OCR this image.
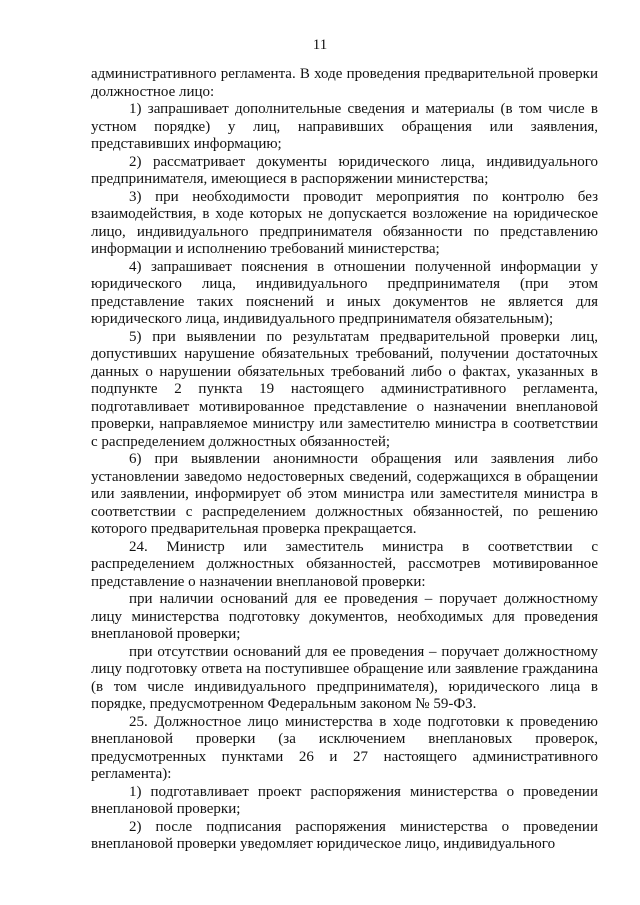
11

административного регламента. В ходе проведения предварительной проверки должностное лицо:

1) запрашивает дополнительные сведения и материалы (в том числе в устном порядке) у лиц, направивших обращения или заявления, представивших информацию;

2) рассматривает документы юридического лица, индивидуального предпринимателя, имеющиеся в распоряжении министерства;

3) при необходимости проводит мероприятия по контролю без взаимодействия, в ходе которых не допускается возложение на юридическое лицо, индивидуального предпринимателя обязанности по представлению информации и исполнению требований министерства;

4) запрашивает пояснения в отношении полученной информации у юридического лица, индивидуального предпринимателя (при этом представление таких пояснений и иных документов не является для юридического лица, индивидуального предпринимателя обязательным);

5) при выявлении по результатам предварительной проверки лиц, допустивших нарушение обязательных требований, получении достаточных данных о нарушении обязательных требований либо о фактах, указанных в подпункте 2 пункта 19 настоящего административного регламента, подготавливает мотивированное представление о назначении внеплановой проверки, направляемое министру или заместителю министра в соответствии с распределением должностных обязанностей;

6) при выявлении анонимности обращения или заявления либо установлении заведомо недостоверных сведений, содержащихся в обращении или заявлении, информирует об этом министра или заместителя министра в соответствии с распределением должностных обязанностей, по решению которого предварительная проверка прекращается.

24. Министр или заместитель министра в соответствии с распределением должностных обязанностей, рассмотрев мотивированное представление о назначении внеплановой проверки:

при наличии оснований для ее проведения – поручает должностному лицу министерства подготовку документов, необходимых для проведения внеплановой проверки;

при отсутствии оснований для ее проведения – поручает должностному лицу подготовку ответа на поступившее обращение или заявление гражданина (в том числе индивидуального предпринимателя), юридического лица в порядке, предусмотренном Федеральным законом № 59-ФЗ.

25. Должностное лицо министерства в ходе подготовки к проведению внеплановой проверки (за исключением внеплановых проверок, предусмотренных пунктами 26 и 27 настоящего административного регламента):

1) подготавливает проект распоряжения министерства о проведении внеплановой проверки;

2) после подписания распоряжения министерства о проведении внеплановой проверки уведомляет юридическое лицо, индивидуального
